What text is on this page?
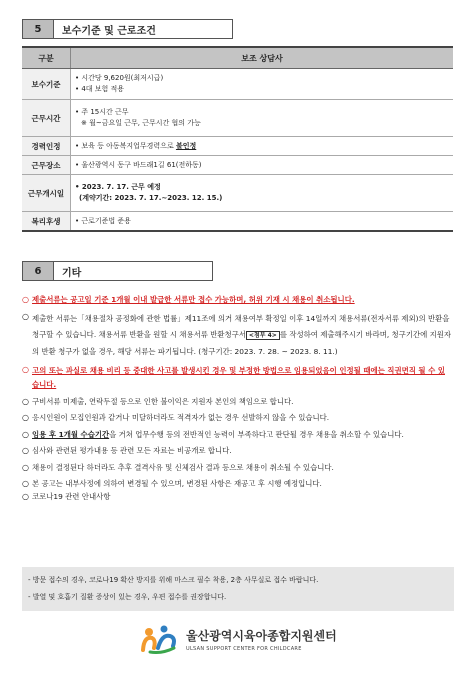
5	보수기준 및 근로조건
구분	보조 상담사
보수기준	• 시간당 9,620원(최저시급)
• 4대 보험 적용

근무시간	• 주 15시간 근무
※ 월~금요일 근무, 근무시간 협의 가능

경력인정	• 보육 등 아동복지업무경력으로 불인정
근무장소	• 울산광역시 동구 바드래1길 61(전하동)
근무개시일	• 2023. 7. 17. 근무 예정
(계약기간: 2023. 7. 17.~2023. 12. 15.)

복리후생	• 근로기준법 준용
6	기타
○ 제출서류는 공고일 기준 1개월 이내 발급한 서류만 접수 가능하며, 허위 기재 시 채용이 취소됩니다.
○ 제출한 서류는「채용절차 공정화에 관한 법률」제11조에 의거 채용여부 확정일 이후 14일까지 채용서류(전자서류 제외)의 반환을 청구할 수 있습니다. 채용서류 반환을 원할 시 채용서류 반환청구서 <첨부 4> 를 작성하여 제출해주시기 바라며, 청구기간에 지원자의 반환 청구가 없을 경우, 해당 서류는 파기됩니다. (청구기간: 2023. 7. 28. ~ 2023. 8. 11.)
○ 고의 또는 과실로 채용 비리 등 중대한 사고를 발생시킨 경우 및 부정한 방법으로 임용되었음이 인정될 때에는 직권면직 될 수 있습니다.
○ 구비서류 미제출, 연락두절 등으로 인한 불이익은 지원자 본인의 책임으로 합니다.
○ 응시인원이 모집인원과 같거나 미달하더라도 적격자가 없는 경우 선발하지 않을 수 있습니다.
○ 임용 후 1개월 수습기간을 거쳐 업무수행 등의 전반적인 능력이 부족하다고 판단될 경우 채용을 취소할 수 있습니다.
○ 심사와 관련된 평가내용 등 관련 모든 자료는 비공개로 합니다.
○ 채용이 결정된다 하더라도 추후 결격사유 및 신체검사 결과 등으로 채용이 취소될 수 있습니다.
○ 본 공고는 내부사정에 의하여 변경될 수 있으며, 변경된 사항은 재공고 후 시행 예정입니다.
○ 코로나19 관련 안내사항
- 방문 접수의 경우, 코로나19 확산 방지를 위해 마스크 필수 착용, 2층 사무실로 접수 바랍니다.
- 발열 및 호흡기 질환 증상이 있는 경우, 우편 접수를 권장합니다.
울산광역시육아종합지원센터
ULSAN SUPPORT CENTER FOR CHILDCARE
